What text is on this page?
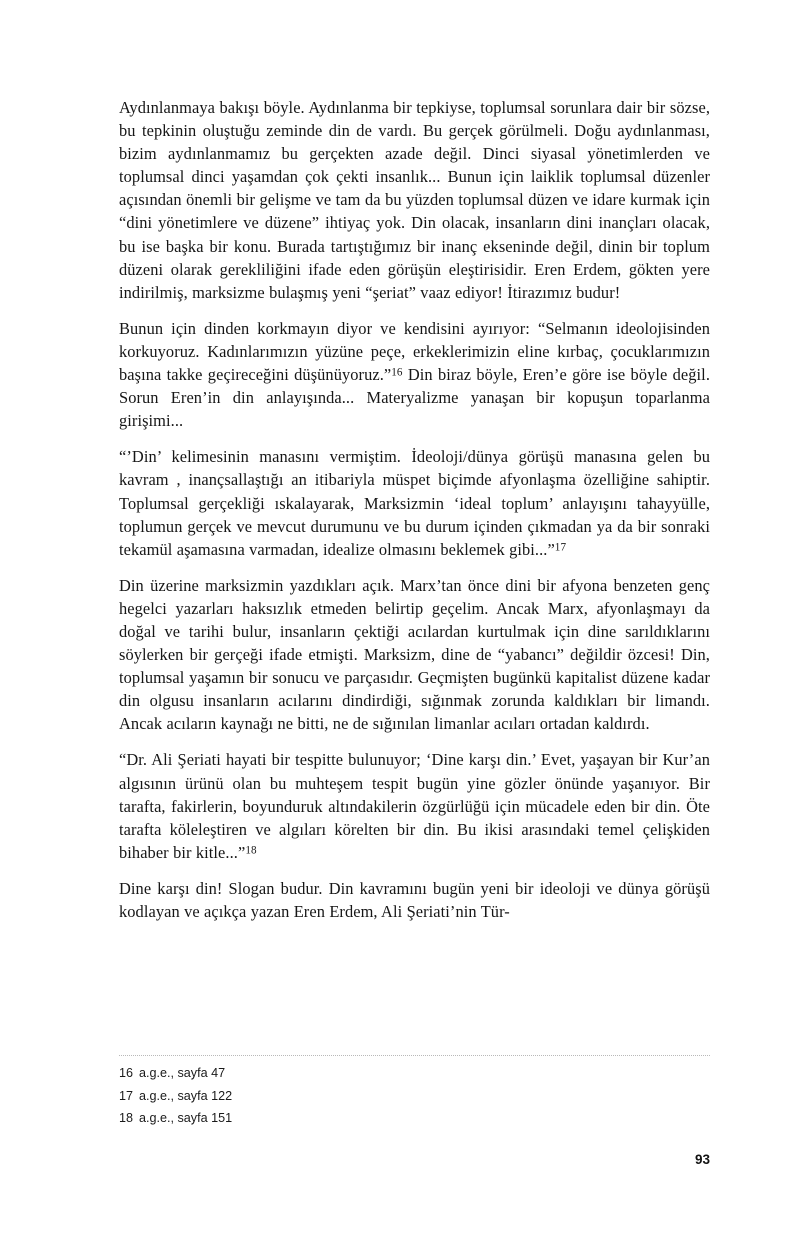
Aydınlanmaya bakışı böyle. Aydınlanma bir tepkiyse, toplumsal sorunlara dair bir sözse, bu tepkinin oluştuğu zeminde din de vardı. Bu gerçek görülmeli. Doğu aydınlanması, bizim aydınlanmamız bu gerçekten azade değil. Dinci siyasal yönetimlerden ve toplumsal dinci yaşamdan çok çekti insanlık... Bunun için laiklik toplumsal düzenler açısından önemli bir gelişme ve tam da bu yüzden toplumsal düzen ve idare kurmak için “dini yönetimlere ve düzene” ihtiyaç yok. Din olacak, insanların dini inançları olacak, bu ise başka bir konu. Burada tartıştığımız bir inanç ekseninde değil, dinin bir toplum düzeni olarak gerekliliğini ifade eden görüşün eleştirisidir. Eren Erdem, gökten yere indirilmiş, marksizme bulaşmış yeni “şeriat” vaaz ediyor! İtirazımız budur!

Bunun için dinden korkmayın diyor ve kendisini ayırıyor: “Selmanın ideolojisinden korkuyoruz. Kadınlarımızın yüzüne peçe, erkeklerimizin eline kırbaç, çocuklarımızın başına takke geçireceğini düşünüyoruz.”$^{16}$ Din biraz böyle, Eren’e göre ise böyle değil. Sorun Eren’in din anlayışında... Materyalizme yanaşan bir kopuşun toparlanma girişimi...

“’Din’ kelimesinin manasını vermiştim. İdeoloji/dünya görüşü manasına gelen bu kavram , inançsallaştığı an itibariyla müspet biçimde afyonlaşma özelliğine sahiptir. Toplumsal gerçekliği ıskalayarak, Marksizmin ‘ideal toplum’ anlayışını tahayyülle, toplumun gerçek ve mevcut durumunu ve bu durum içinden çıkmadan ya da bir sonraki tekamül aşamasına varmadan, idealize olmasını beklemek gibi...”$^{17}$

Din üzerine marksizmin yazdıkları açık. Marx’tan önce dini bir afyona benzeten genç hegelci yazarları haksızlık etmeden belirtip geçelim. Ancak Marx, afyonlaşmayı da doğal ve tarihi bulur, insanların çektiği acılardan kurtulmak için dine sarıldıklarını söylerken bir gerçeği ifade etmişti. Marksizm, dine de “yabancı” değildir özcesi! Din, toplumsal yaşamın bir sonucu ve parçasıdır. Geçmişten bugünkü kapitalist düzene kadar din olgusu insanların acılarını dindirdiği, sığınmak zorunda kaldıkları bir limandı. Ancak acıların kaynağı ne bitti, ne de sığınılan limanlar acıları ortadan kaldırdı.

“Dr. Ali Şeriati hayati bir tespitte bulunuyor; ‘Dine karşı din.’ Evet, yaşayan bir Kur’an algısının ürünü olan bu muhteşem tespit bugün yine gözler önünde yaşanıyor. Bir tarafta, fakirlerin, boyunduruk altındakilerin özgürlüğü için mücadele eden bir din. Öte tarafta köleleştiren ve algıları körelten bir din. Bu ikisi arasındaki temel çelişkiden bihaber bir kitle...”$^{18}$

Dine karşı din! Slogan budur. Din kavramını bugün yeni bir ideoloji ve dünya görüşü kodlayan ve açıkça yazan Eren Erdem, Ali Şeriati’nin Tür-

16 a.g.e., sayfa 47

17 a.g.e., sayfa 122

18 a.g.e., sayfa 151

93
